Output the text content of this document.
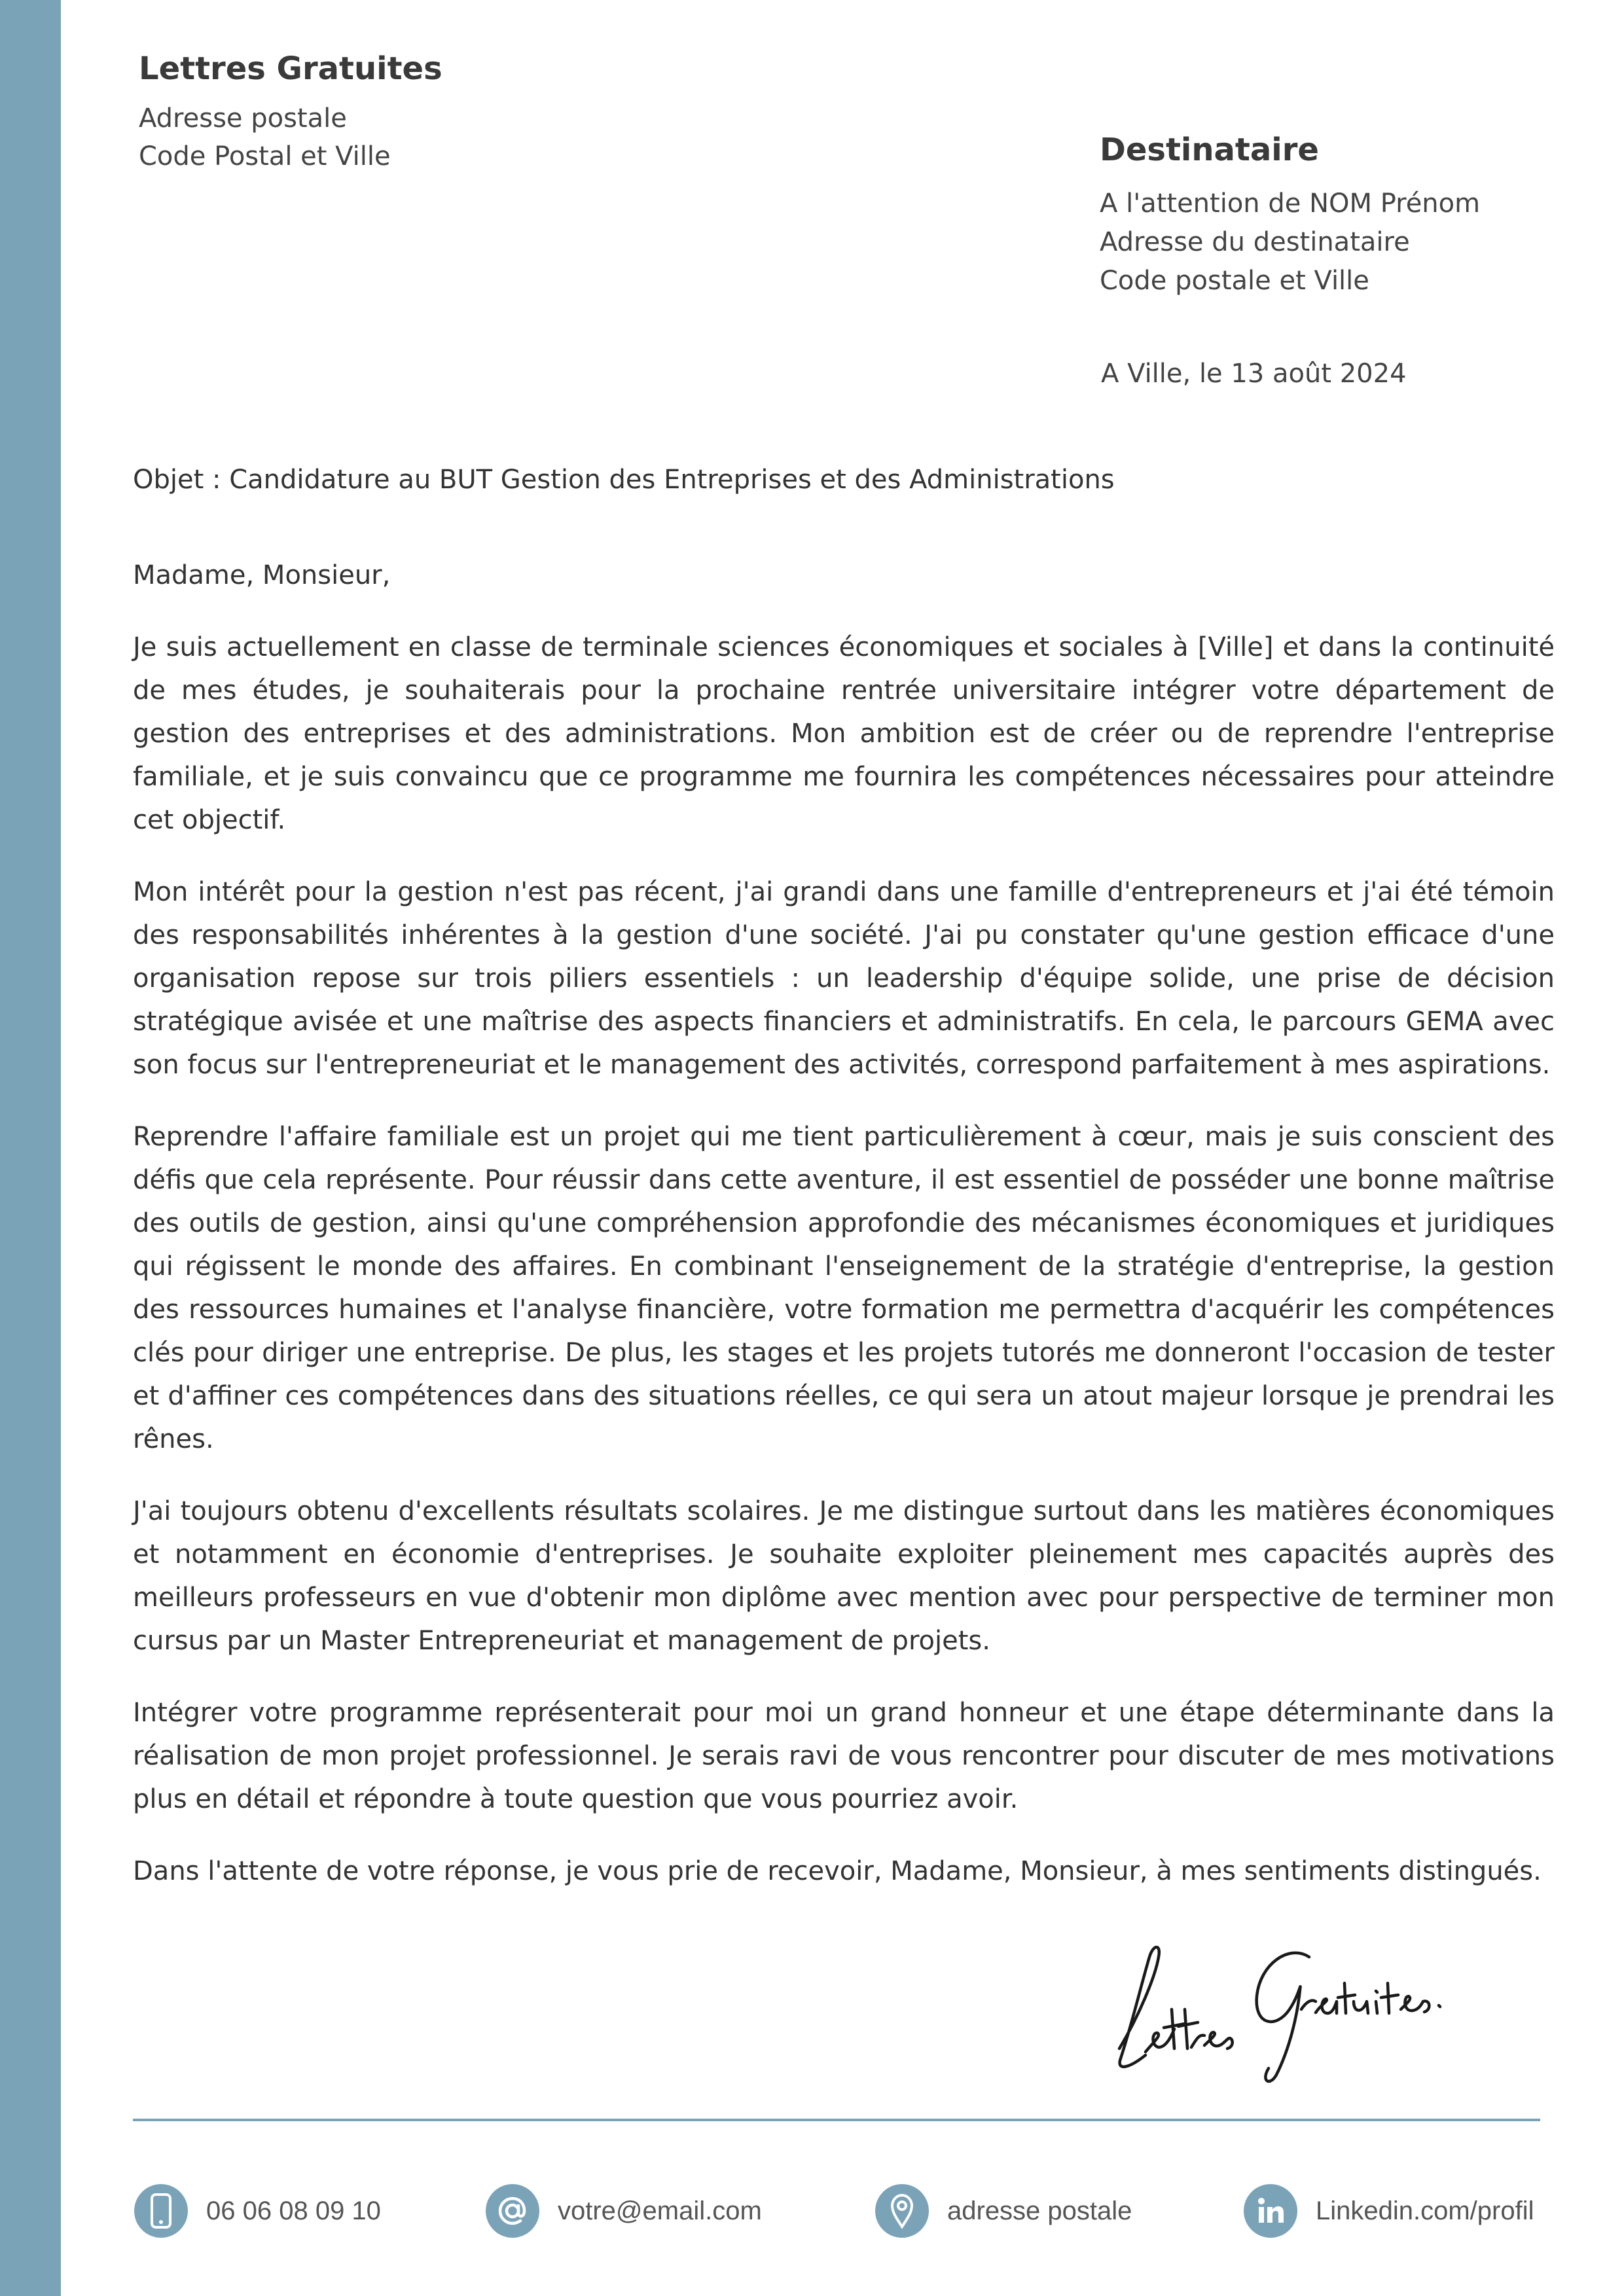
Lettres Gratuites
Adresse postale
Code Postal et Ville	Destinataire
A l'attention de NOM Prénom
Adresse du destinataire
Code postale et Ville
A Ville, le 13 août 2024

Objet : Candidature au BUT Gestion des Entreprises et des Administrations

Madame, Monsieur,

Je suis actuellement en classe de terminale sciences économiques et sociales à [Ville] et dans la continuité de mes études, je souhaiterais pour la prochaine rentrée universitaire intégrer votre département de gestion des entreprises et des administrations. Mon ambition est de créer ou de reprendre l'entreprise familiale, et je suis convaincu que ce programme me fournira les compétences nécessaires pour atteindre cet objectif.

Mon intérêt pour la gestion n'est pas récent, j'ai grandi dans une famille d'entrepreneurs et j'ai été témoin des responsabilités inhérentes à la gestion d'une société. J'ai pu constater qu'une gestion efficace d'une organisation repose sur trois piliers essentiels : un leadership d'équipe solide, une prise de décision stratégique avisée et une maîtrise des aspects financiers et administratifs. En cela, le parcours GEMA avec son focus sur l'entrepreneuriat et le management des activités, correspond parfaitement à mes aspirations.

Reprendre l'affaire familiale est un projet qui me tient particulièrement à cœur, mais je suis conscient des défis que cela représente. Pour réussir dans cette aventure, il est essentiel de posséder une bonne maîtrise des outils de gestion, ainsi qu'une compréhension approfondie des mécanismes économiques et juridiques qui régissent le monde des affaires. En combinant l'enseignement de la stratégie d'entreprise, la gestion des ressources humaines et l'analyse financière, votre formation me permettra d'acquérir les compétences clés pour diriger une entreprise. De plus, les stages et les projets tutorés me donneront l'occasion de tester et d'affiner ces compétences dans des situations réelles, ce qui sera un atout majeur lorsque je prendrai les rênes.

J'ai toujours obtenu d'excellents résultats scolaires. Je me distingue surtout dans les matières économiques et notamment en économie d'entreprises. Je souhaite exploiter pleinement mes capacités auprès des meilleurs professeurs en vue d'obtenir mon diplôme avec mention avec pour perspective de terminer mon cursus par un Master Entrepreneuriat et management de projets.

Intégrer votre programme représenterait pour moi un grand honneur et une étape déterminante dans la réalisation de mon projet professionnel. Je serais ravi de vous rencontrer pour discuter de mes motivations plus en détail et répondre à toute question que vous pourriez avoir.

Dans l'attente de votre réponse, je vous prie de recevoir, Madame, Monsieur, à mes sentiments distingués.

06 06 08 09 10	votre@email.com	adresse postale	Linkedin.com/profil
